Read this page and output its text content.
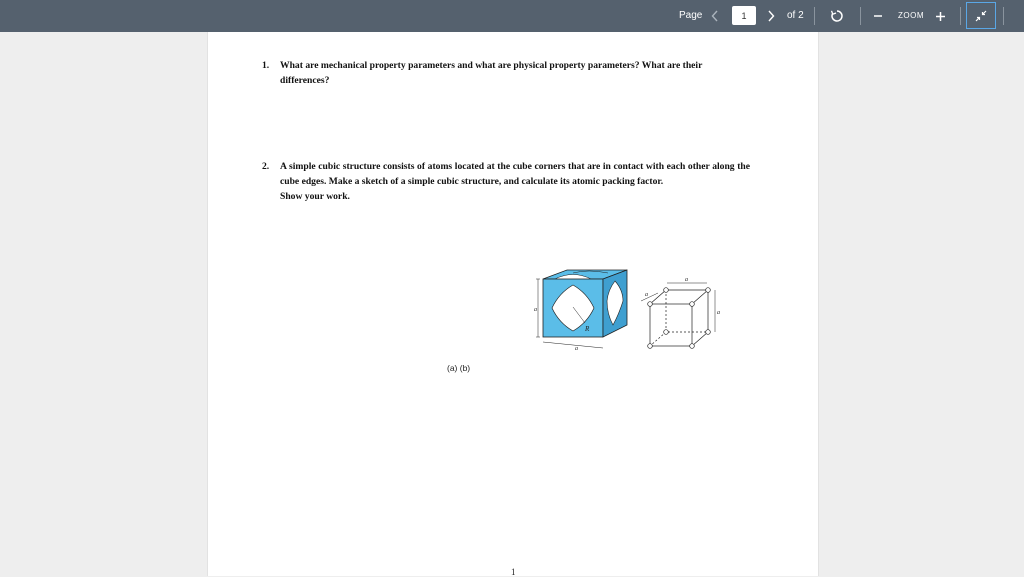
Page
1	of 2	ZOOM
1. What are mechanical property parameters and what are physical property parameters? What are their differences?
2. A simple cubic structure consists of atoms located at the cube corners that are in contact with each other along the cube edges. Make a sketch of a simple cubic structure, and calculate its atomic packing factor.
Show your work.
a
a
R
a
a
a
(a) (b)
1
